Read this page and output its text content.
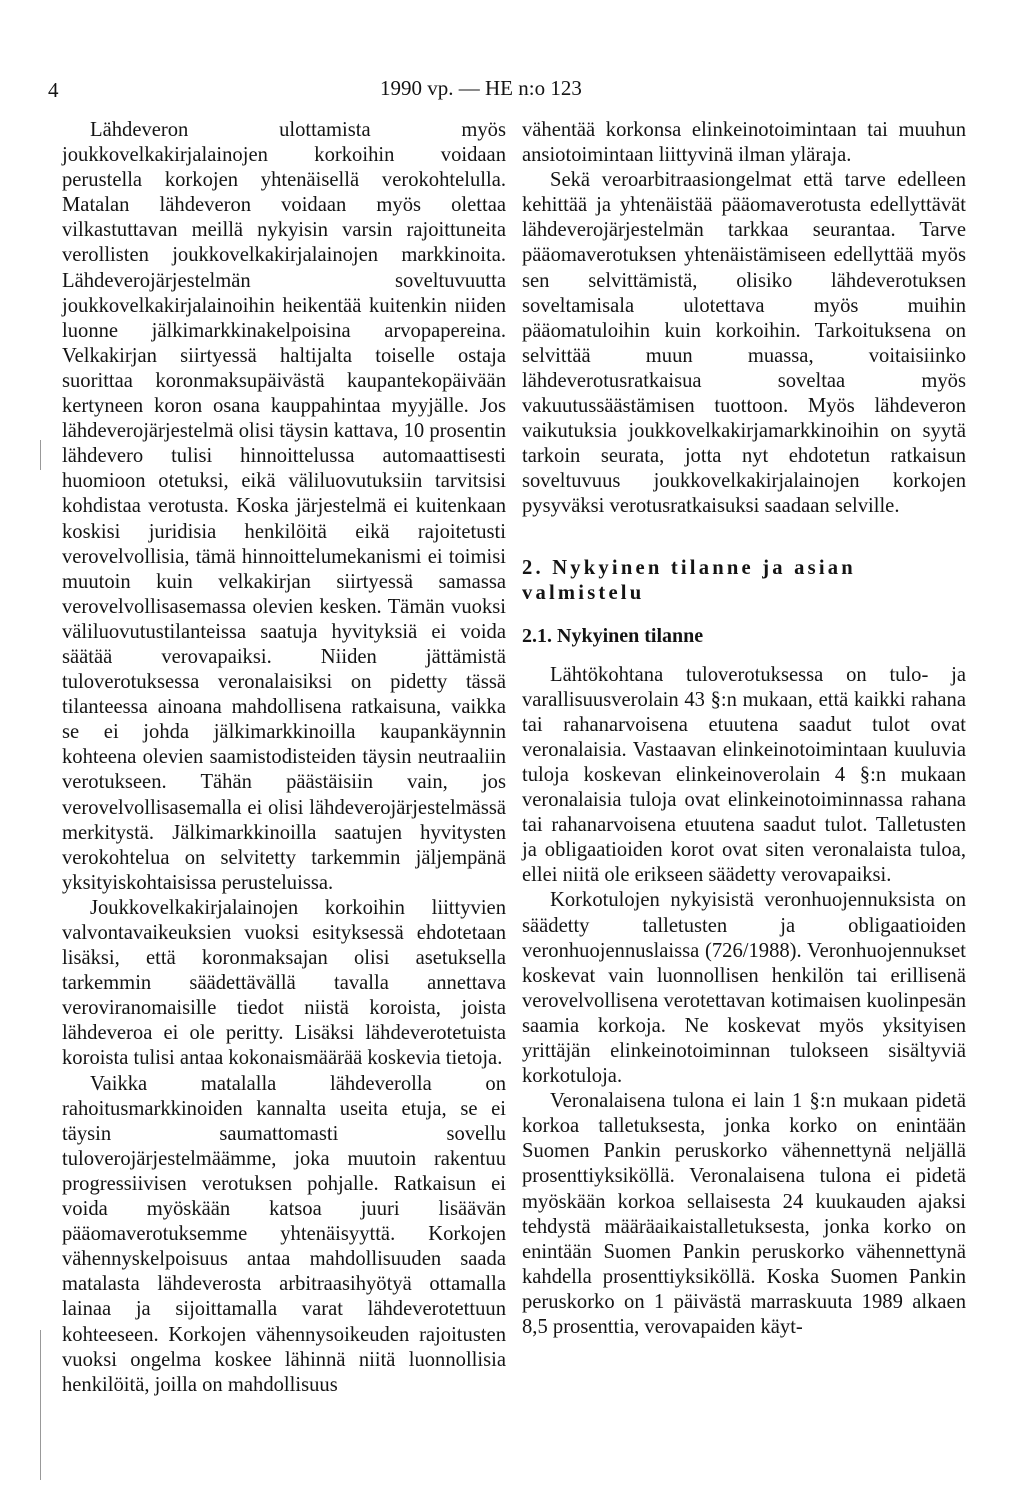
4	1990 vp. — HE n:o 123

Lähdeveron ulottamista myös joukkovelkakirjalainojen korkoihin voidaan perustella korkojen yhtenäisellä verokohtelulla. Matalan lähdeveron voidaan myös olettaa vilkastuttavan meillä nykyisin varsin rajoittuneita verollisten joukkovelkakirjalainojen markkinoita. Lähdeverojärjestelmän soveltuvuutta joukkovelkakirjalainoihin heikentää kuitenkin niiden luonne jälkimarkkinakelpoisina arvopapereina. Velkakirjan siirtyessä haltijalta toiselle ostaja suorittaa koronmaksupäivästä kaupantekopäivään kertyneen koron osana kauppahintaa myyjälle. Jos lähdeverojärjestelmä olisi täysin kattava, 10 prosentin lähdevero tulisi hinnoittelussa automaattisesti huomioon otetuksi, eikä väliluovutuksiin tarvitsisi kohdistaa verotusta. Koska järjestelmä ei kuitenkaan koskisi juridisia henkilöitä eikä rajoitetusti verovelvollisia, tämä hinnoittelumekanismi ei toimisi muutoin kuin velkakirjan siirtyessä samassa verovelvollisasemassa olevien kesken. Tämän vuoksi väliluovutustilanteissa saatuja hyvityksiä ei voida säätää verovapaiksi. Niiden jättämistä tuloverotuksessa veronalaisiksi on pidetty tässä tilanteessa ainoana mahdollisena ratkaisuna, vaikka se ei johda jälkimarkkinoilla kaupankäynnin kohteena olevien saamistodisteiden täysin neutraaliin verotukseen. Tähän päästäisiin vain, jos verovelvollisasemalla ei olisi lähdeverojärjestelmässä merkitystä. Jälkimarkkinoilla saatujen hyvitysten verokohtelua on selvitetty tarkemmin jäljempänä yksityiskohtaisissa perusteluissa.

Joukkovelkakirjalainojen korkoihin liittyvien valvontavaikeuksien vuoksi esityksessä ehdotetaan lisäksi, että koronmaksajan olisi asetuksella tarkemmin säädettävällä tavalla annettava veroviranomaisille tiedot niistä koroista, joista lähdeveroa ei ole peritty. Lisäksi lähdeverotetuista koroista tulisi antaa kokonaismäärää koskevia tietoja.

Vaikka matalalla lähdeverolla on rahoitusmarkkinoiden kannalta useita etuja, se ei täysin saumattomasti sovellu tuloverojärjestelmäämme, joka muutoin rakentuu progressiivisen verotuksen pohjalle. Ratkaisun ei voida myöskään katsoa juuri lisäävän pääomaverotuksemme yhtenäisyyttä. Korkojen vähennyskelpoisuus antaa mahdollisuuden saada matalasta lähdeverosta arbitraasihyötyä ottamalla lainaa ja sijoittamalla varat lähdeverotettuun kohteeseen. Korkojen vähennysoikeuden rajoitusten vuoksi ongelma koskee lähinnä niitä luonnollisia henkilöitä, joilla on mahdollisuus

vähentää korkonsa elinkeinotoimintaan tai muuhun ansiotoimintaan liittyvinä ilman yläraja.

Sekä veroarbitraasiongelmat että tarve edelleen kehittää ja yhtenäistää pääomaverotusta edellyttävät lähdeverojärjestelmän tarkkaa seurantaa. Tarve pääomaverotuksen yhtenäistämiseen edellyttää myös sen selvittämistä, olisiko lähdeverotuksen soveltamisala ulotettava myös muihin pääomatuloihin kuin korkoihin. Tarkoituksena on selvittää muun muassa, voitaisiinko lähdeverotusratkaisua soveltaa myös vakuutussäästämisen tuottoon. Myös lähdeveron vaikutuksia joukkovelkakirjamarkkinoihin on syytä tarkoin seurata, jotta nyt ehdotetun ratkaisun soveltuvuus joukkovelkakirjalainojen korkojen pysyväksi verotusratkaisuksi saadaan selville.

2. Nykyinen tilanne ja asian valmistelu
2.1. Nykyinen tilanne

Lähtökohtana tuloverotuksessa on tulo- ja varallisuusverolain 43 §:n mukaan, että kaikki rahana tai rahanarvoisena etuutena saadut tulot ovat veronalaisia. Vastaavan elinkeinotoimintaan kuuluvia tuloja koskevan elinkeinoverolain 4 §:n mukaan veronalaisia tuloja ovat elinkeinotoiminnassa rahana tai rahanarvoisena etuutena saadut tulot. Talletusten ja obligaatioiden korot ovat siten veronalaista tuloa, ellei niitä ole erikseen säädetty verovapaiksi.

Korkotulojen nykyisistä veronhuojennuksista on säädetty talletusten ja obligaatioiden veronhuojennuslaissa (726/1988). Veronhuojennukset koskevat vain luonnollisen henkilön tai erillisenä verovelvollisena verotettavan kotimaisen kuolinpesän saamia korkoja. Ne koskevat myös yksityisen yrittäjän elinkeinotoiminnan tulokseen sisältyviä korkotuloja.

Veronalaisena tulona ei lain 1 §:n mukaan pidetä korkoa talletuksesta, jonka korko on enintään Suomen Pankin peruskorko vähennettynä neljällä prosenttiyksiköllä. Veronalaisena tulona ei pidetä myöskään korkoa sellaisesta 24 kuukauden ajaksi tehdystä määräaikaistalletuksesta, jonka korko on enintään Suomen Pankin peruskorko vähennettynä kahdella prosenttiyksiköllä. Koska Suomen Pankin peruskorko on 1 päivästä marraskuuta 1989 alkaen 8,5 prosenttia, verovapaiden käyt-
